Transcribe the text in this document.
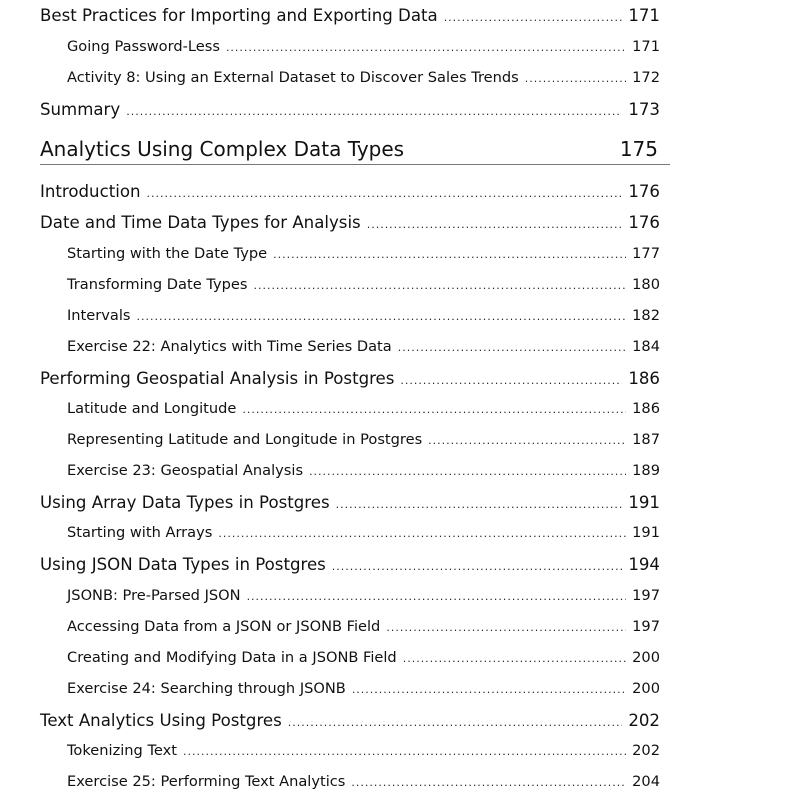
Best Practices for Importing and Exporting Data .....	171
Going Password-Less .....	171
Activity 8: Using an External Dataset to Discover Sales Trends .....	172
Summary .....	173
Analytics Using Complex Data Types	175
Introduction .....	176
Date and Time Data Types for Analysis .....	176
Starting with the Date Type .....	177
Transforming Date Types .....	180
Intervals .....	182
Exercise 22: Analytics with Time Series Data .....	184
Performing Geospatial Analysis in Postgres .....	186
Latitude and Longitude .....	186
Representing Latitude and Longitude in Postgres .....	187
Exercise 23: Geospatial Analysis .....	189
Using Array Data Types in Postgres .....	191
Starting with Arrays .....	191
Using JSON Data Types in Postgres .....	194
JSONB: Pre-Parsed JSON .....	197
Accessing Data from a JSON or JSONB Field .....	197
Creating and Modifying Data in a JSONB Field .....	200
Exercise 24: Searching through JSONB .....	200
Text Analytics Using Postgres .....	202
Tokenizing Text .....	202
Exercise 25: Performing Text Analytics .....	204
